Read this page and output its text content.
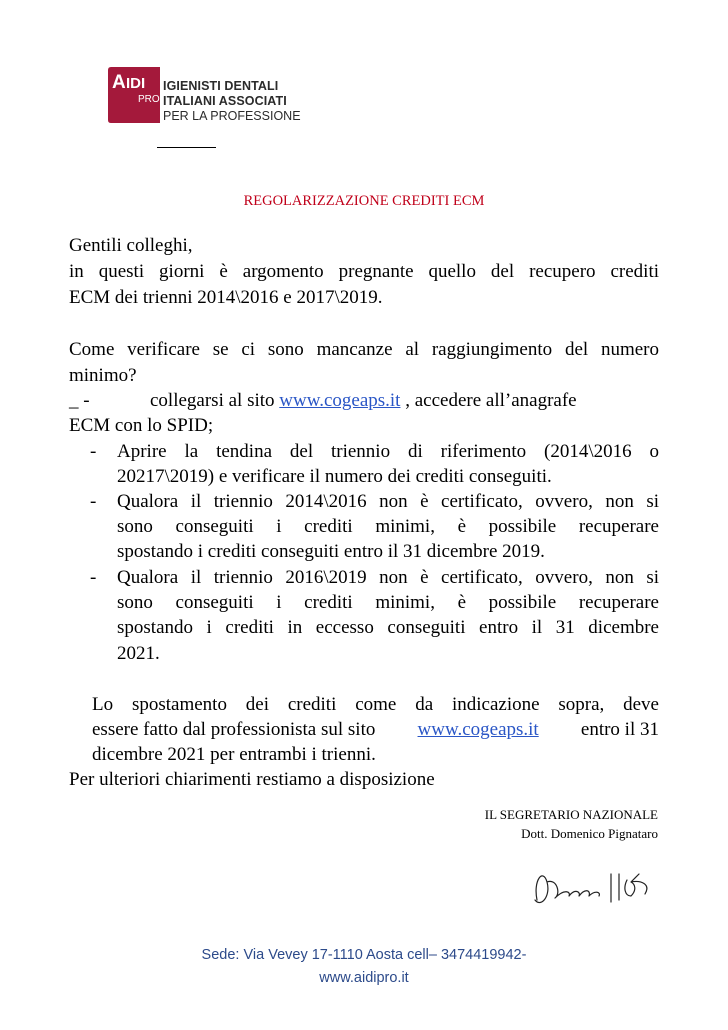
A IDI
PRO
IGIENISTI DENTALI
ITALIANI ASSOCIATI
PER LA PROFESSIONE
REGOLARIZZAZIONE CREDITI ECM
Gentili colleghi,
in questi giorni è argomento pregnante quello del recupero crediti
ECM dei trienni 2014\2016 e 2017\2019.
Come verificare se ci sono mancanze al raggiungimento del numero
minimo?
_ -	collegarsi al sito www.cogeaps.it , accedere all’anagrafe
ECM con lo SPID;
- Aprire la tendina del triennio di riferimento (2014\2016 o
20217\2019) e verificare il numero dei crediti conseguiti.
- Qualora il triennio 2014\2016 non è certificato, ovvero, non si
sono conseguiti i crediti minimi, è possibile recuperare
spostando i crediti conseguiti entro il 31 dicembre 2019.
- Qualora il triennio 2016\2019 non è certificato, ovvero, non si
sono conseguiti i crediti minimi, è possibile recuperare
spostando i crediti in eccesso conseguiti entro il 31 dicembre
2021.
Lo spostamento dei crediti come da indicazione sopra, deve
essere fatto dal professionista sul sito www.cogeaps.it entro il 31
dicembre 2021 per entrambi i trienni.
Per ulteriori chiarimenti restiamo a disposizione
IL SEGRETARIO NAZIONALE
Dott. Domenico Pignataro
Sede: Via Vevey 17-1110 Aosta cell– 3474419942-
www.aidipro.it
